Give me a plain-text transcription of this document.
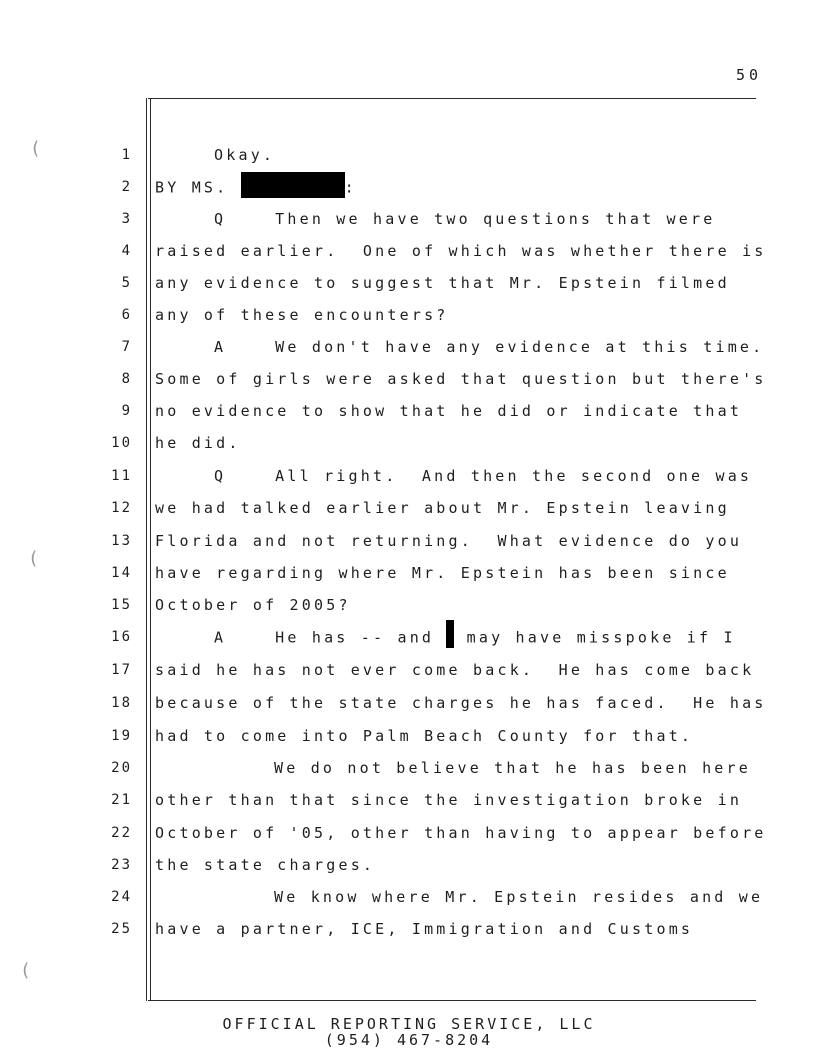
50
(
(
(
1
2
3
4
5
6
7
8
9
10
11
12
13
14
15
16
17
18
19
20
21
22
23
24
25
Okay.
BY MS.	:
Q    Then we have two questions that were
raised earlier.  One of which was whether there is
any evidence to suggest that Mr. Epstein filmed
any of these encounters?
A    We don't have any evidence at this time.
Some of girls were asked that question but there's
no evidence to show that he did or indicate that
he did.
Q    All right.  And then the second one was
we had talked earlier about Mr. Epstein leaving
Florida and not returning.  What evidence do you
have regarding where Mr. Epstein has been since
October of 2005?
A    He has -- and  may have misspoke if I
said he has not ever come back.  He has come back
because of the state charges he has faced.  He has
had to come into Palm Beach County for that.
We do not believe that he has been here
other than that since the investigation broke in
October of '05, other than having to appear before
the state charges.
We know where Mr. Epstein resides and we
have a partner, ICE, Immigration and Customs
OFFICIAL REPORTING SERVICE, LLC
(954) 467-8204
